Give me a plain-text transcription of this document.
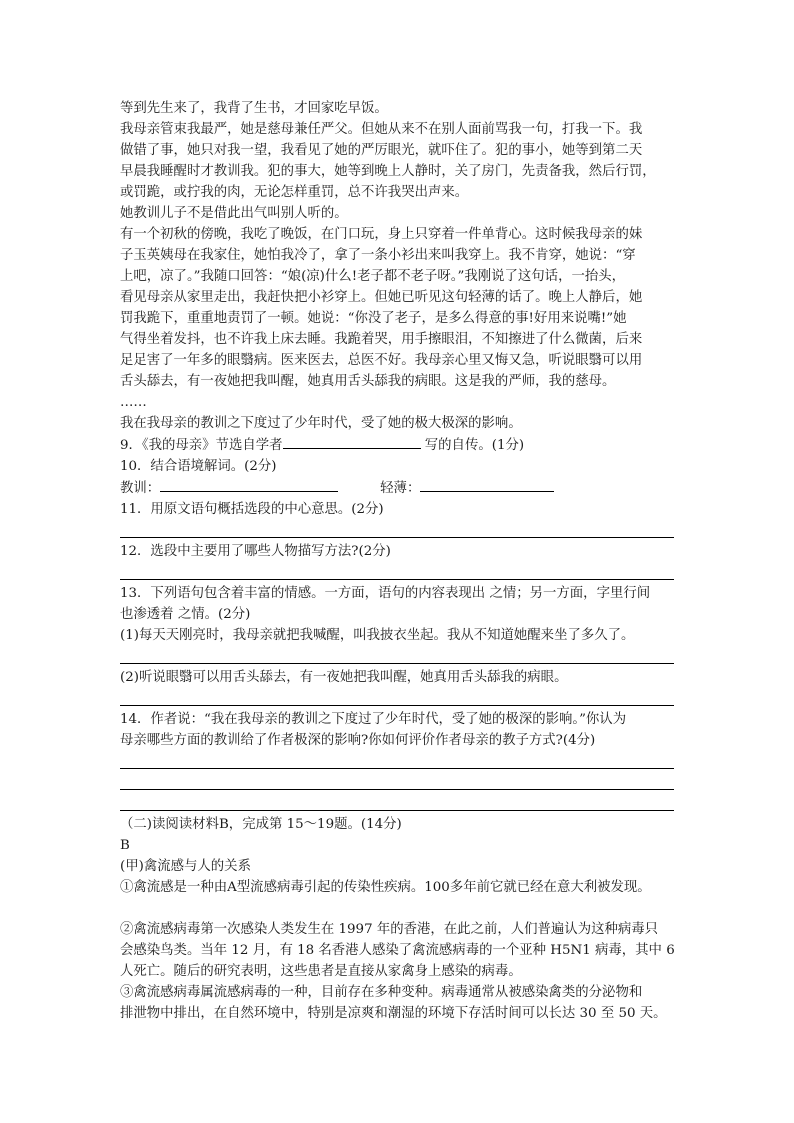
等到先生来了，我背了生书，才回家吃早饭。

我母亲管束我最严，她是慈母兼任严父。但她从来不在别人面前骂我一句，打我一下。我

做错了事，她只对我一望，我看见了她的严厉眼光，就吓住了。犯的事小，她等到第二天

早晨我睡醒时才教训我。犯的事大，她等到晚上人静时，关了房门，先责备我，然后行罚，

或罚跪，或拧我的肉，无论怎样重罚，总不许我哭出声来。

她教训儿子不是借此出气叫别人听的。

有一个初秋的傍晚，我吃了晚饭，在门口玩，身上只穿着一件单背心。这时候我母亲的妹

子玉英姨母在我家住，她怕我冷了，拿了一条小衫出来叫我穿上。我不肯穿，她说：“穿

上吧，凉了。”我随口回答：“娘(凉)什么!老子都不老子呀。”我刚说了这句话，一抬头，

看见母亲从家里走出，我赶快把小衫穿上。但她已听见这句轻薄的话了。晚上人静后，她

罚我跪下，重重地责罚了一顿。她说：“你没了老子，是多么得意的事!好用来说嘴!”她

气得坐着发抖，也不许我上床去睡。我跪着哭，用手擦眼泪，不知擦进了什么微菌，后来

足足害了一年多的眼翳病。医来医去，总医不好。我母亲心里又悔又急，听说眼翳可以用

舌头舔去，有一夜她把我叫醒，她真用舌头舔我的病眼。这是我的严师，我的慈母。

……

我在我母亲的教训之下度过了少年时代，受了她的极大极深的影响。

9．《我的母亲》节选自学者	写的自传。(1分)

10．结合语境解词。(2分)

教训：	轻薄：

11．用原文语句概括选段的中心意思。(2分)

12．选段中主要用了哪些人物描写方法?(2分)

13．下列语句包含着丰富的情感。一方面，语句的内容表现出 之情；另一方面，字里行间

也渗透着 之情。(2分)

(1)每天天刚亮时，我母亲就把我喊醒，叫我披衣坐起。我从不知道她醒来坐了多久了。

(2)听说眼翳可以用舌头舔去，有一夜她把我叫醒，她真用舌头舔我的病眼。

14．作者说：“我在我母亲的教训之下度过了少年时代，受了她的极深的影响。”你认为

母亲哪些方面的教训给了作者极深的影响?你如何评价作者母亲的教子方式?(4分)

（二)读阅读材料B，完成第 15～19题。(14分)

B

(甲)禽流感与人的关系

①禽流感是一种由A型流感病毒引起的传染性疾病。100多年前它就已经在意大利被发现。

②禽流感病毒第一次感染人类发生在 1997 年的香港，在此之前，人们普遍认为这种病毒只

会感染鸟类。当年 12 月，有 18 名香港人感染了禽流感病毒的一个亚种 H5N1 病毒，其中 6

人死亡。随后的研究表明，这些患者是直接从家禽身上感染的病毒。

③禽流感病毒属流感病毒的一种，目前存在多种变种。病毒通常从被感染禽类的分泌物和

排泄物中排出，在自然环境中，特别是凉爽和潮湿的环境下存活时间可以长达 30 至 50 天。
